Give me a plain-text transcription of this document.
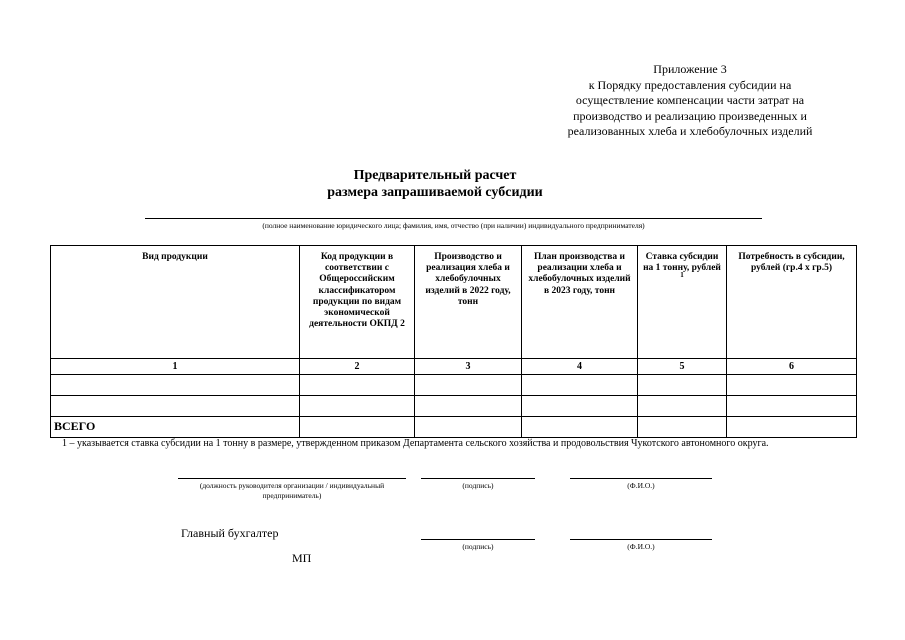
Приложение 3
к Порядку предоставления субсидии на
осуществление компенсации части затрат на
производство и реализацию произведенных и
реализованных хлеба и хлебобулочных изделий
Предварительный расчет
размера запрашиваемой субсидии
(полное наименование юридического лица; фамилия, имя, отчество (при наличии) индивидуального предпринимателя)
Вид продукции	Код продукции в соответствии с Общероссийским классификатором продукции по видам экономической деятельности ОКПД 2	Производство и реализация хлеба и хлебобулочных изделий в 2022 году, тонн	План производства и реализации хлеба и хлебобулочных изделий в 2023 году, тонн	Ставка субсидии на 1 тонну, рублей $^1$	Потребность в субсидии, рублей (гр.4 х гр.5)
1	2	3	4	5	6

ВСЕГО					
1 – указывается ставка субсидии на 1 тонну в размере, утвержденном приказом Департамента сельского хозяйства и продовольствия Чукотского автономного округа.
(должность руководителя организации / индивидуальный
предприниматель)
(подпись)	(Ф.И.О.)
Главный бухгалтер
(подпись)	(Ф.И.О.)
МП
